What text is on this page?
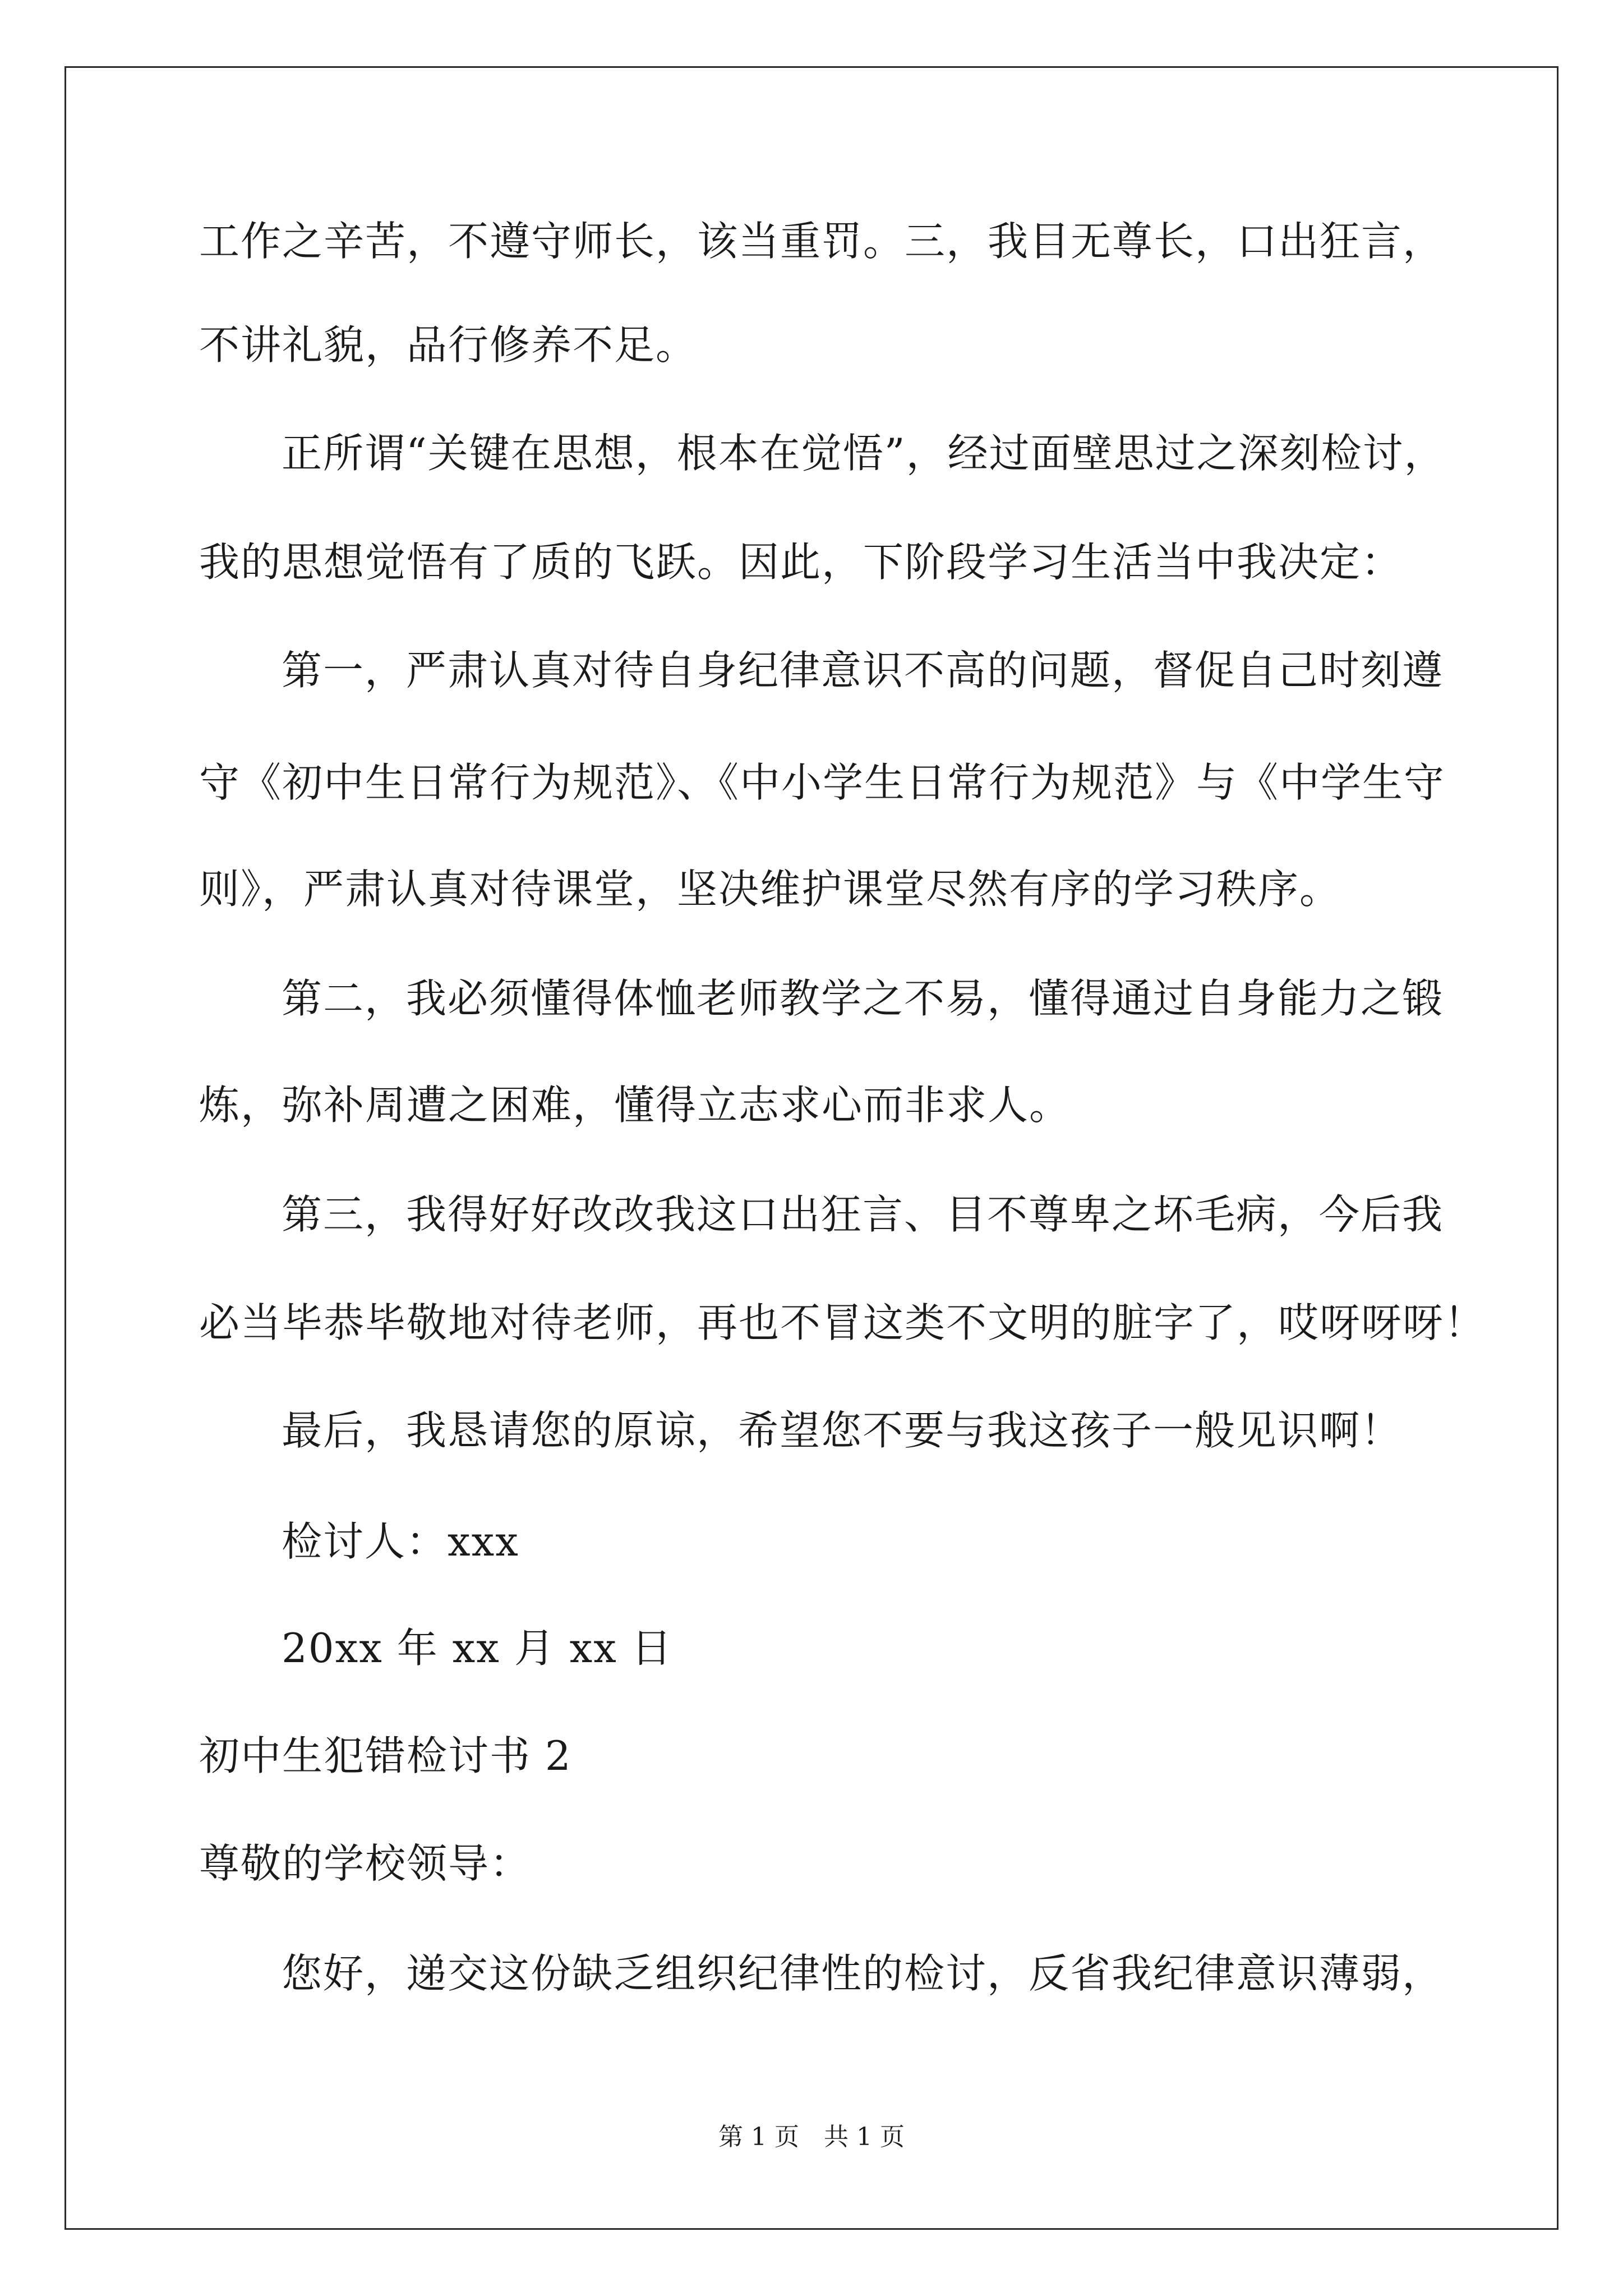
工作之辛苦，不遵守师长，该当重罚。三，我目无尊长，口出狂言，
不讲礼貌，品行修养不足。
正所谓“关键在思想，根本在觉悟”，经过面壁思过之深刻检讨，
我的思想觉悟有了质的飞跃。因此，下阶段学习生活当中我决定：
第一，严肃认真对待自身纪律意识不高的问题，督促自己时刻遵
守《初中生日常行为规范》、《中小学生日常行为规范》与《中学生守
则》，严肃认真对待课堂，坚决维护课堂尽然有序的学习秩序。
第二，我必须懂得体恤老师教学之不易，懂得通过自身能力之锻
炼，弥补周遭之困难，懂得立志求心而非求人。
第三，我得好好改改我这口出狂言、目不尊卑之坏毛病，今后我
必当毕恭毕敬地对待老师，再也不冒这类不文明的脏字了，哎呀呀呀！
最后，我恳请您的原谅，希望您不要与我这孩子一般见识啊！
检讨人：xxx
20xx 年 xx 月 xx 日
初中生犯错检讨书 2
尊敬的学校领导：
您好，递交这份缺乏组织纪律性的检讨，反省我纪律意识薄弱，
第 1 页　共 1 页
